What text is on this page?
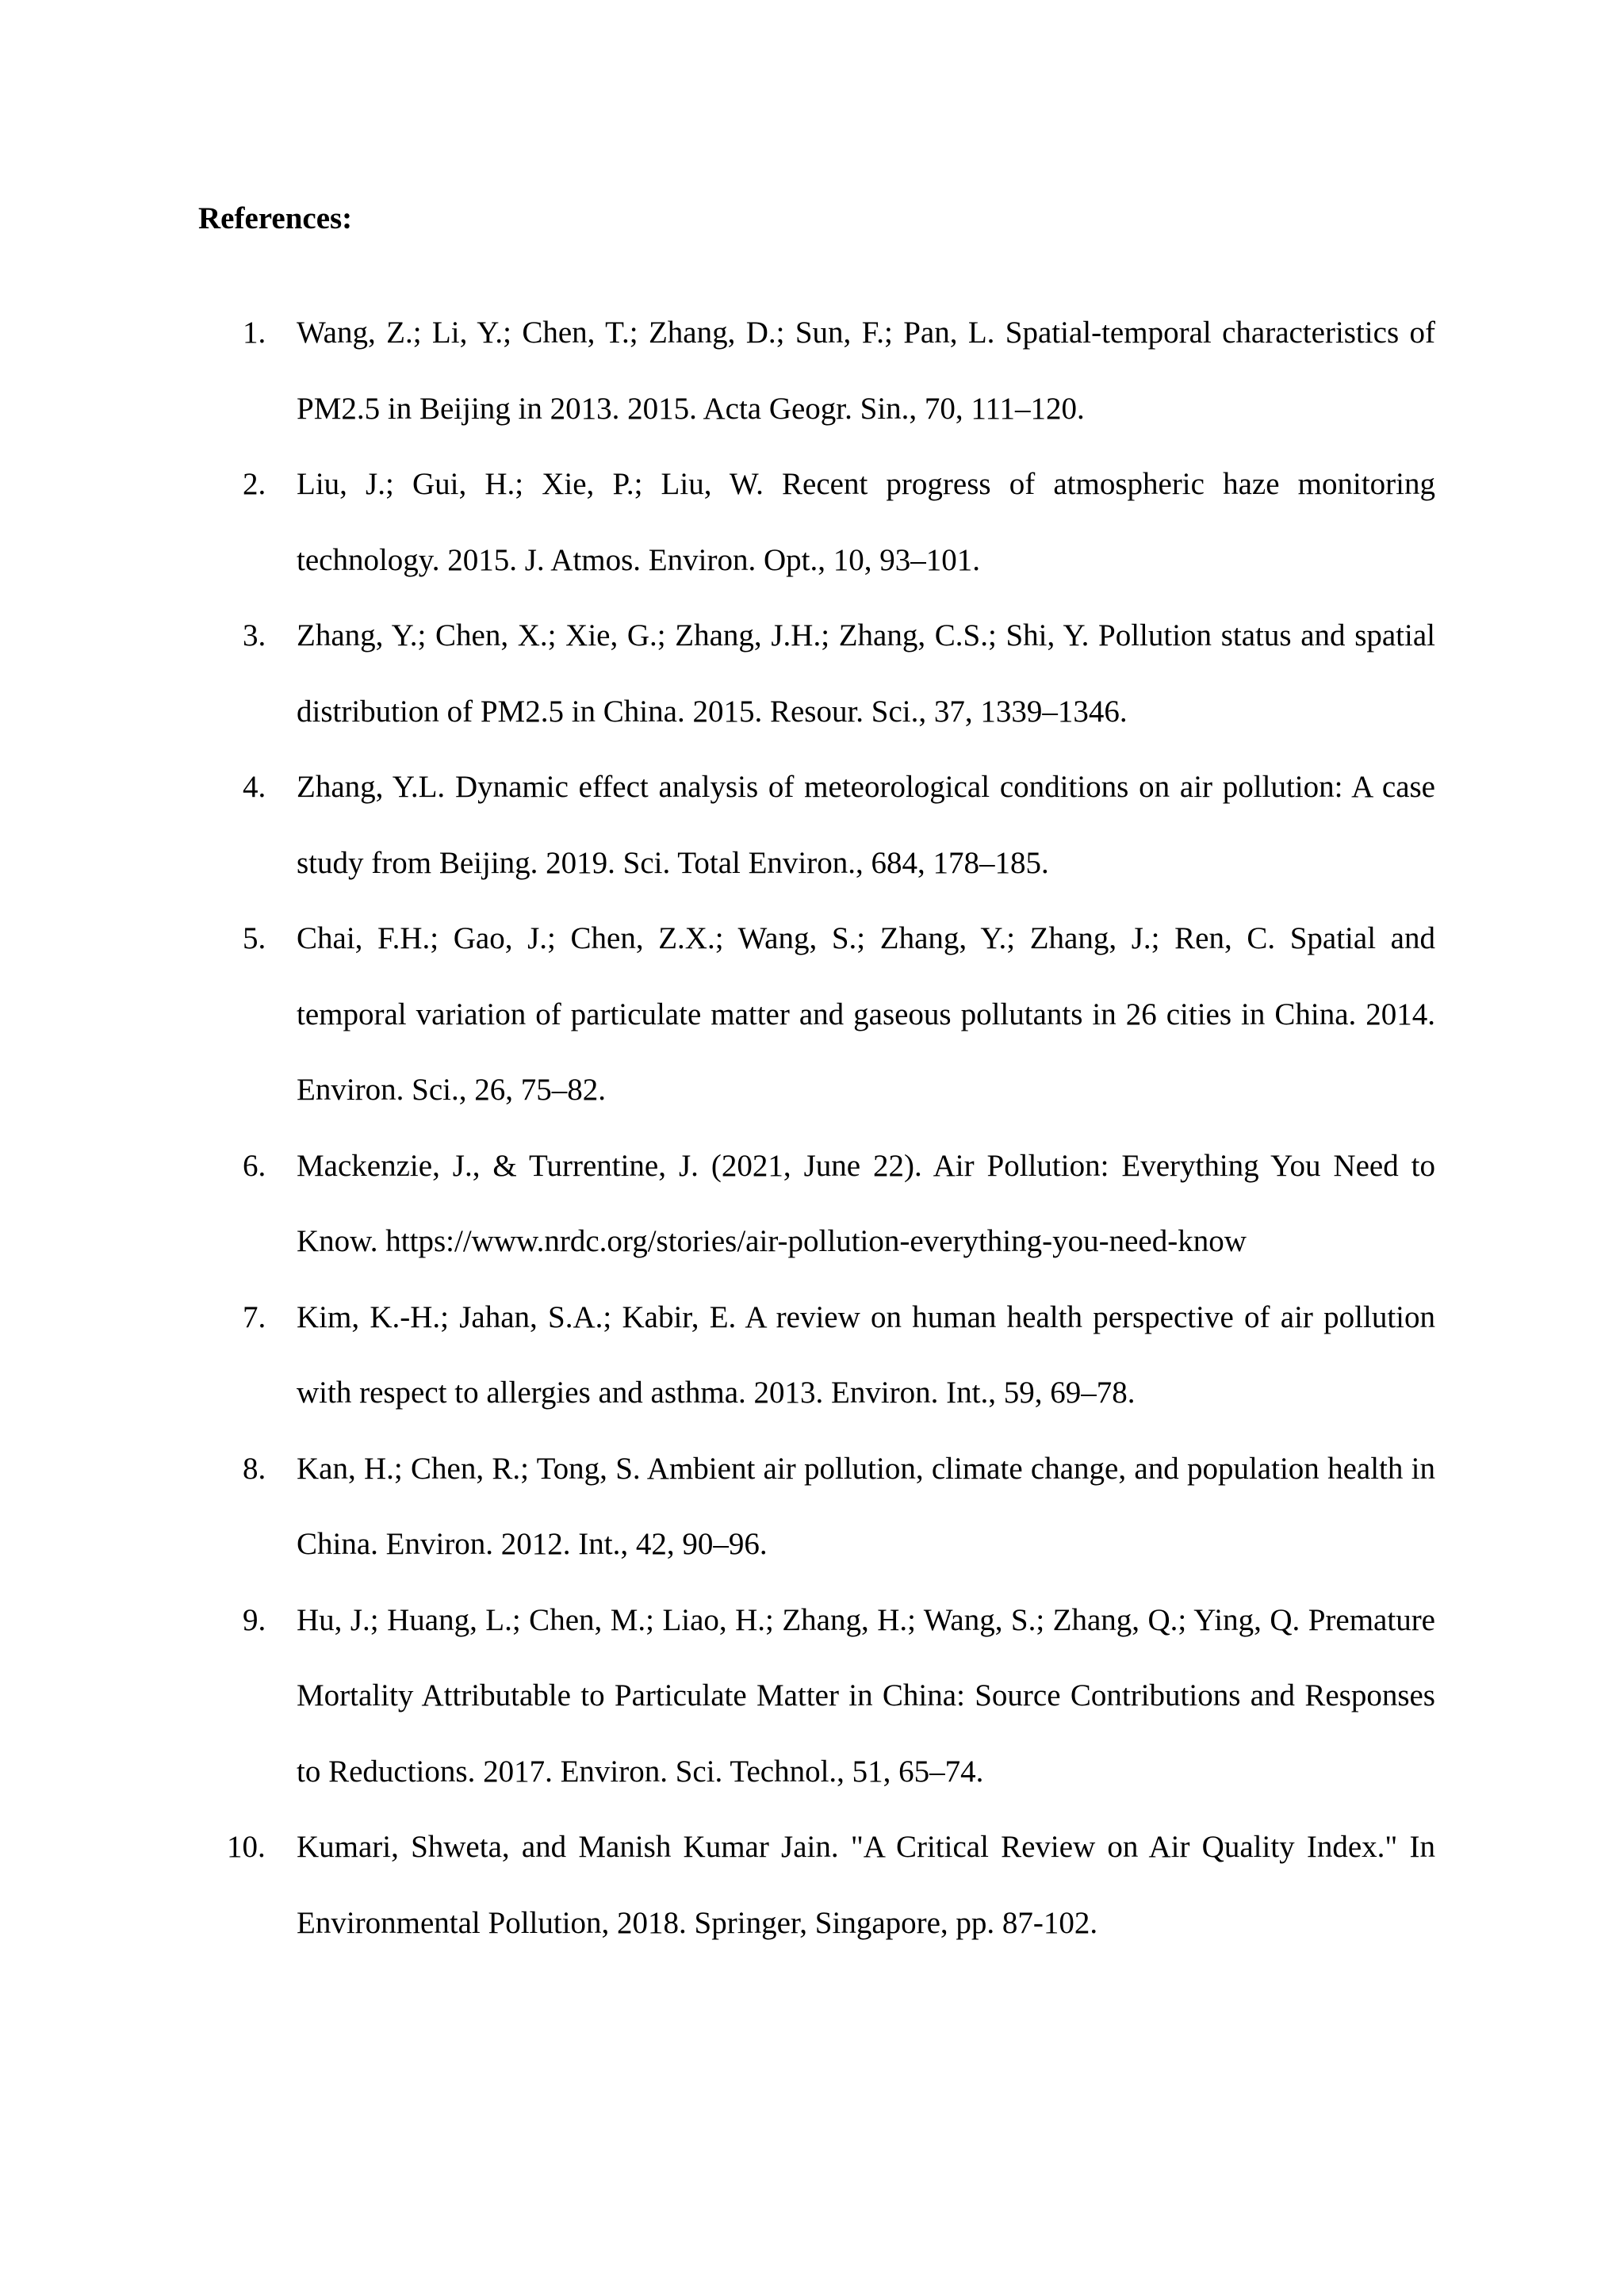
References:
1. Wang, Z.; Li, Y.; Chen, T.; Zhang, D.; Sun, F.; Pan, L. Spatial-temporal characteristics of PM2.5 in Beijing in 2013. 2015. Acta Geogr. Sin., 70, 111–120.
2. Liu, J.; Gui, H.; Xie, P.; Liu, W. Recent progress of atmospheric haze monitoring technology. 2015. J. Atmos. Environ. Opt., 10, 93–101.
3. Zhang, Y.; Chen, X.; Xie, G.; Zhang, J.H.; Zhang, C.S.; Shi, Y. Pollution status and spatial distribution of PM2.5 in China. 2015. Resour. Sci., 37, 1339–1346.
4. Zhang, Y.L. Dynamic effect analysis of meteorological conditions on air pollution: A case study from Beijing. 2019. Sci. Total Environ., 684, 178–185.
5. Chai, F.H.; Gao, J.; Chen, Z.X.; Wang, S.; Zhang, Y.; Zhang, J.; Ren, C. Spatial and temporal variation of particulate matter and gaseous pollutants in 26 cities in China. 2014. Environ. Sci., 26, 75–82.
6. Mackenzie, J., & Turrentine, J. (2021, June 22). Air Pollution: Everything You Need to Know. https://www.nrdc.org/stories/air-pollution-everything-you-need-know
7. Kim, K.-H.; Jahan, S.A.; Kabir, E. A review on human health perspective of air pollution with respect to allergies and asthma. 2013. Environ. Int., 59, 69–78.
8. Kan, H.; Chen, R.; Tong, S. Ambient air pollution, climate change, and population health in China. Environ. 2012. Int., 42, 90–96.
9. Hu, J.; Huang, L.; Chen, M.; Liao, H.; Zhang, H.; Wang, S.; Zhang, Q.; Ying, Q. Premature Mortality Attributable to Particulate Matter in China: Source Contributions and Responses to Reductions. 2017. Environ. Sci. Technol., 51, 65–74.
10. Kumari, Shweta, and Manish Kumar Jain. "A Critical Review on Air Quality Index." In Environmental Pollution, 2018. Springer, Singapore, pp. 87-102.
